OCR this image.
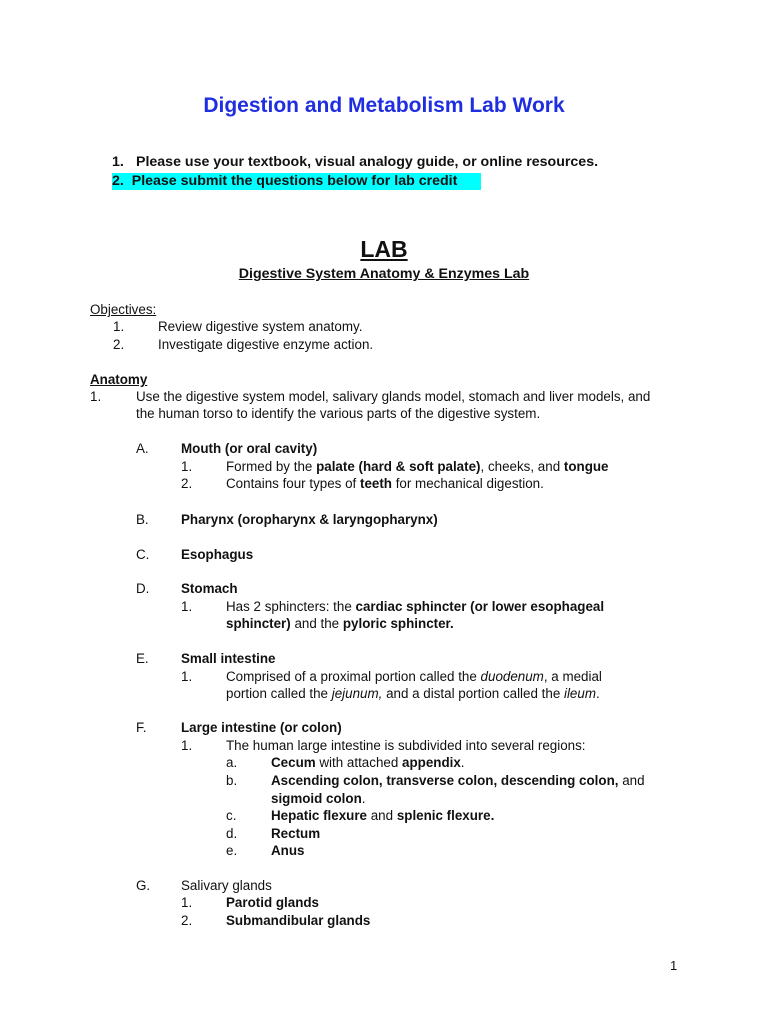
Digestion and Metabolism Lab Work
1. Please use your textbook, visual analogy guide, or online resources.
2. Please submit the questions below for lab credit
LAB
Digestive System Anatomy & Enzymes Lab
Objectives:
1.	Review digestive system anatomy.
2.	Investigate digestive enzyme action.
Anatomy
1.	Use the digestive system model, salivary glands model, stomach and liver models, and
the human torso to identify the various parts of the digestive system.
A. Mouth (or oral cavity)
1.	Formed by the palate (hard & soft palate), cheeks, and tongue
2.	Contains four types of teeth for mechanical digestion.
B. Pharynx (oropharynx & laryngopharynx)
C. Esophagus
D. Stomach
1.	Has 2 sphincters: the cardiac sphincter (or lower esophageal
sphincter) and the pyloric sphincter.
E. Small intestine
1.	Comprised of a proximal portion called the duodenum, a medial
portion called the jejunum, and a distal portion called the ileum.
F.	Large intestine (or colon)
1.	The human large intestine is subdivided into several regions:
a.	Cecum with attached appendix.
b.	Ascending colon, transverse colon, descending colon, and
sigmoid colon.
c.	Hepatic flexure and splenic flexure.
d.	Rectum
e.	Anus
G. Salivary glands
1.	Parotid glands
2.	Submandibular glands
1
